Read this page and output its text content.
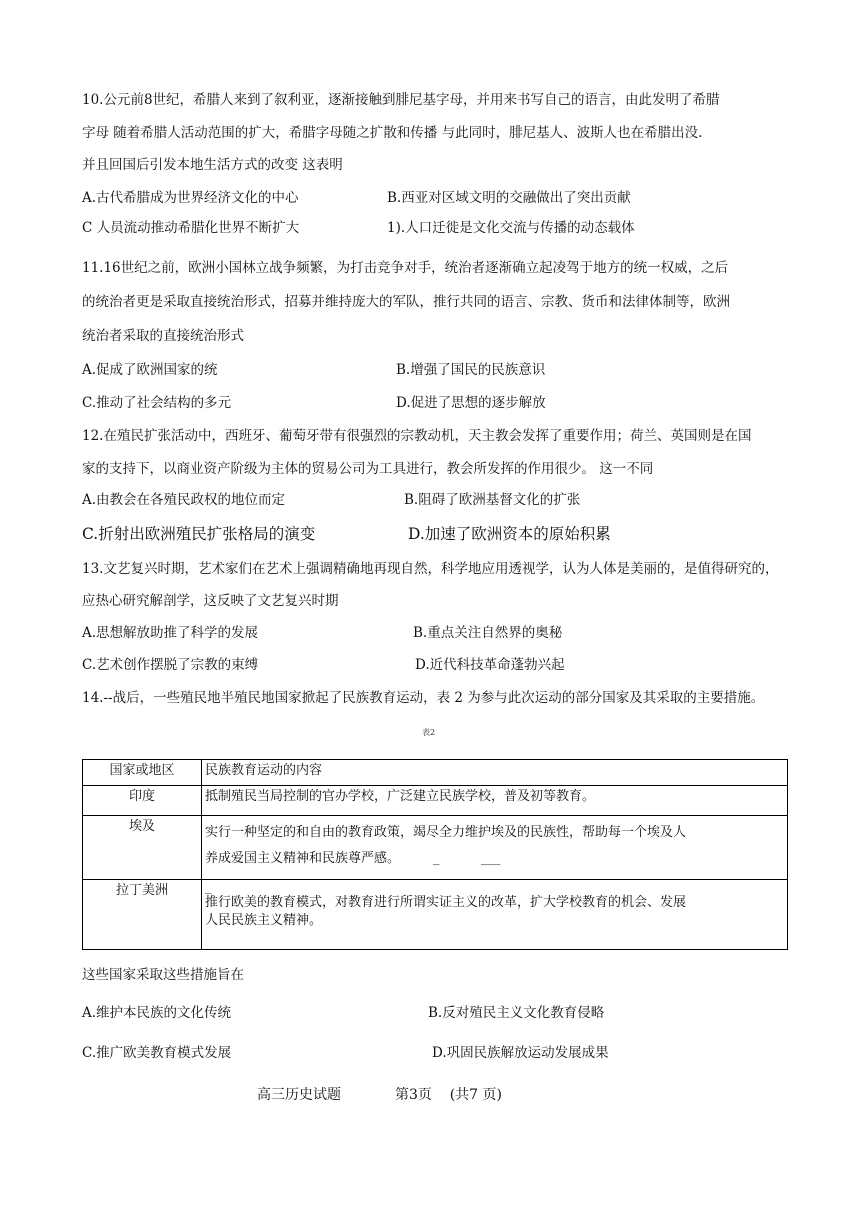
10.公元前8世纪，希腊人来到了叙利亚，逐渐接触到腓尼基字母，并用来书写自己的语言，由此发明了希腊
字母 随着希腊人活动范围的扩大，希腊字母随之扩散和传播 与此同时，腓尼基人、波斯人也在希腊出没.
并且回国后引发本地生活方式的改变 这表明
A.古代希腊成为世界经济文化的中心	B.西亚对区域文明的交融做出了突出贡献
C 人员流动推动希腊化世界不断扩大	1).人口迁徙是文化交流与传播的动态载体
11.16世纪之前，欧洲小国林立战争频繁，为打击竞争对手，统治者逐渐确立起凌驾于地方的统一权威，之后
的统治者更是采取直接统治形式，招募并维持庞大的军队，推行共同的语言、宗教、货币和法律体制等，欧洲
统治者采取的直接统治形式
A.促成了欧洲国家的统	B.增强了国民的民族意识
C.推动了社会结构的多元	D.促进了思想的逐步解放
12.在殖民扩张活动中，西班牙、葡萄牙带有很强烈的宗教动机，天主教会发挥了重要作用；荷兰、英国则是在国
家的支持下，以商业资产阶级为主体的贸易公司为工具进行，教会所发挥的作用很少。 这一不同
A.由教会在各殖民政权的地位而定	B.阻碍了欧洲基督文化的扩张
C.折射出欧洲殖民扩张格局的演变	D.加速了欧洲资本的原始积累
13.文艺复兴时期，艺术家们在艺术上强调精确地再现自然，科学地应用透视学，认为人体是美丽的，是值得研究的，
应热心研究解剖学，这反映了文艺复兴时期
A.思想解放助推了科学的发展	B.重点关注自然界的奥秘
C.艺术创作摆脱了宗教的束缚	D.近代科技革命蓬勃兴起
14.--战后，一些殖民地半殖民地国家掀起了民族教育运动，表 2 为参与此次运动的部分国家及其采取的主要措施。
表2
国家或地区	民族教育运动的内容
印度	抵制殖民当局控制的官办学校，广泛建立民族学校，普及初等教育。

埃及	实行一种坚定的和自由的教育政策，竭尽全力维护埃及的民族性，帮助每一个埃及人
养成爱国主义精神和民族尊严感。        _          ___

拉丁美洲	_
推行欧美的教育模式，对教育进行所谓实证主义的改革，扩大学校教育的机会、发展
人民民族主义精神。
这些国家采取这些措施旨在
A.维护本民族的文化传统	B.反对殖民主义文化教育侵略
C.推广欧美教育模式发展	D.巩固民族解放运动发展成果
高三历史试题	第3页    (共7 页)
